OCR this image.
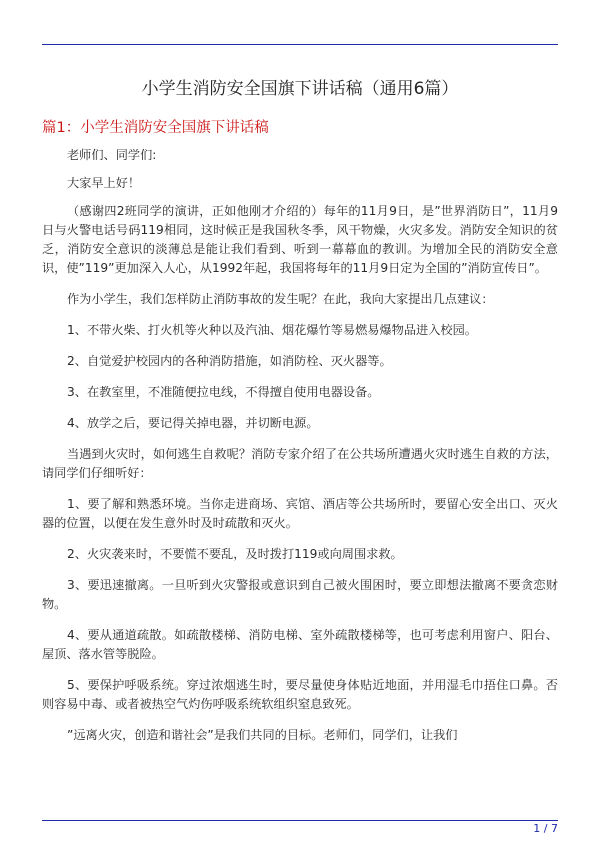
小学生消防安全国旗下讲话稿（通用6篇）
篇1：小学生消防安全国旗下讲话稿

老师们、同学们:

大家早上好！

（感谢四2班同学的演讲，正如他刚才介绍的）每年的11月9日，是”世界消防日”，11月9日与火警电话号码119相同，这时候正是我国秋冬季，风干物燥，火灾多发。消防安全知识的贫乏，消防安全意识的淡薄总是能让我们看到、听到一幕幕血的教训。为增加全民的消防安全意识，使”119”更加深入人心，从1992年起，我国将每年的11月9日定为全国的”消防宣传日”。

作为小学生，我们怎样防止消防事故的发生呢？在此，我向大家提出几点建议：

1、不带火柴、打火机等火种以及汽油、烟花爆竹等易燃易爆物品进入校园。

2、自觉爱护校园内的各种消防措施，如消防栓、灭火器等。

3、在教室里，不准随便拉电线，不得擅自使用电器设备。

4、放学之后，要记得关掉电器，并切断电源。

当遇到火灾时，如何逃生自救呢？消防专家介绍了在公共场所遭遇火灾时逃生自救的方法，请同学们仔细听好：

1、要了解和熟悉环境。当你走进商场、宾馆、酒店等公共场所时，要留心安全出口、灭火器的位置，以便在发生意外时及时疏散和灭火。

2、火灾袭来时，不要慌不要乱，及时拨打119或向周围求救。

3、要迅速撤离。一旦听到火灾警报或意识到自己被火围困时，要立即想法撤离不要贪恋财物。

4、要从通道疏散。如疏散楼梯、消防电梯、室外疏散楼梯等，也可考虑利用窗户、阳台、屋顶、落水管等脱险。

5、要保护呼吸系统。穿过浓烟逃生时，要尽量使身体贴近地面，并用湿毛巾捂住口鼻。否则容易中毒、或者被热空气灼伤呼吸系统软组织窒息致死。

”远离火灾，创造和谐社会”是我们共同的目标。老师们，同学们，让我们

1 / 7
